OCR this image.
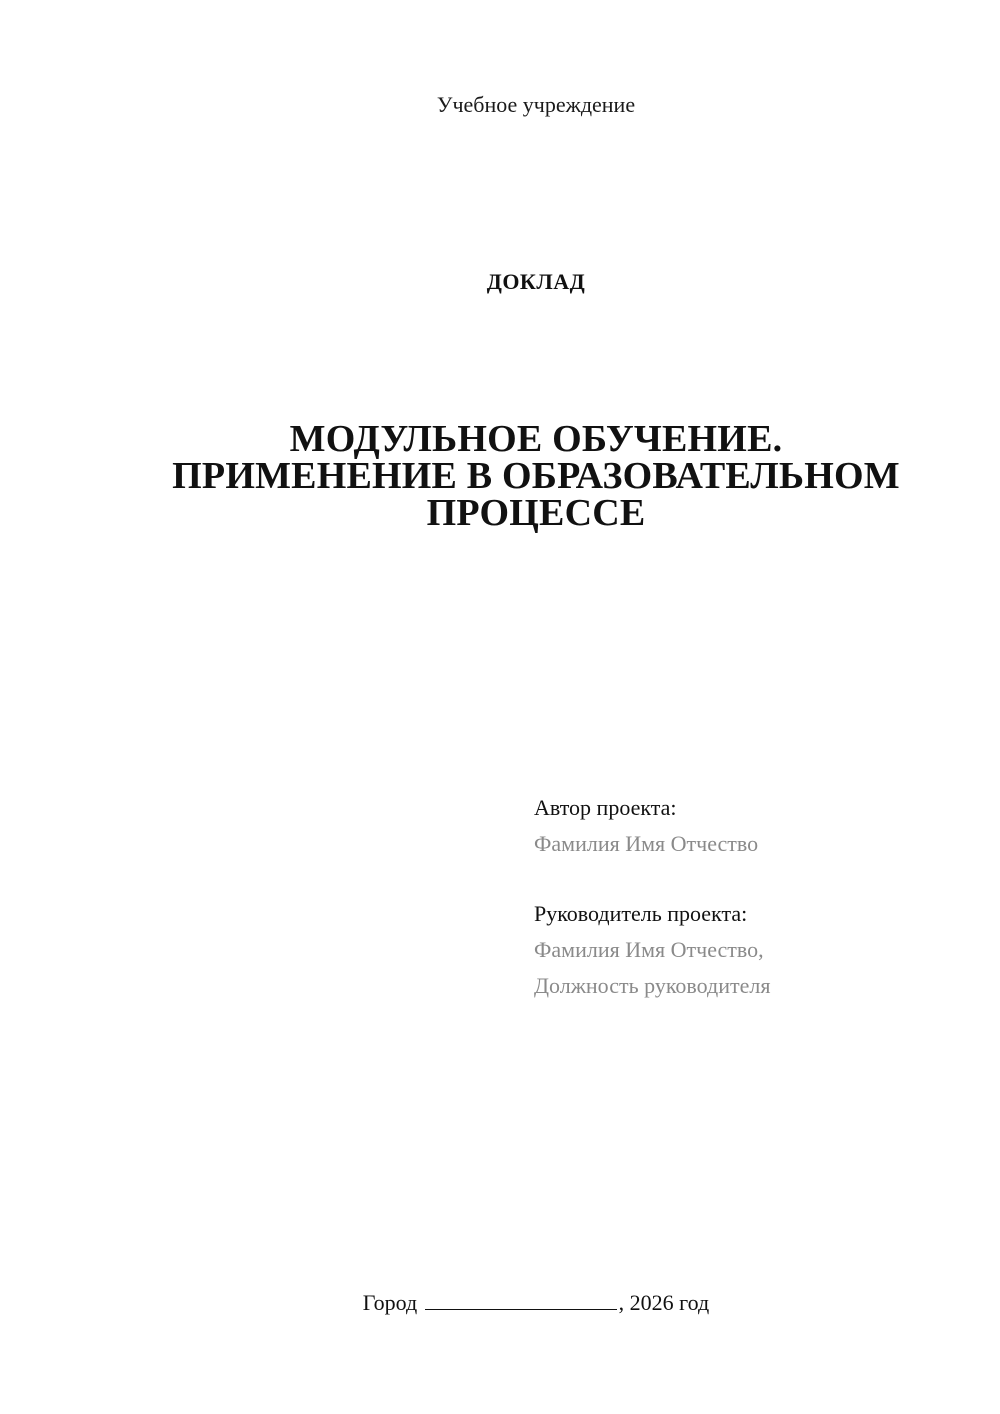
Учебное учреждение
ДОКЛАД
МОДУЛЬНОЕ ОБУЧЕНИЕ.
ПРИМЕНЕНИЕ В ОБРАЗОВАТЕЛЬНОМ
ПРОЦЕССЕ
Автор проекта:
Фамилия Имя Отчество
Руководитель проекта:
Фамилия Имя Отчество,
Должность руководителя
Город	, 2026 год
